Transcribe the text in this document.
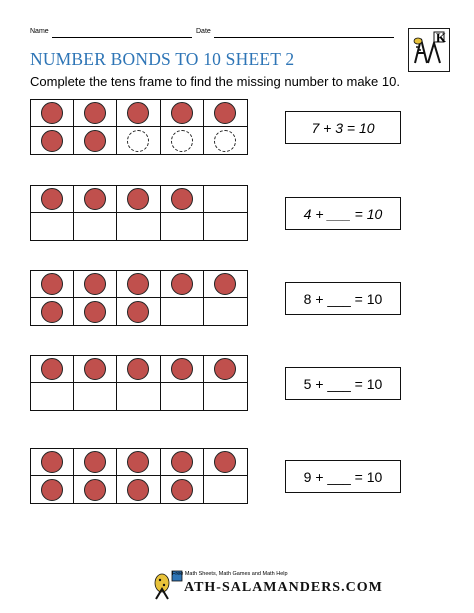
Name	Date	K
NUMBER BONDS TO 10 SHEET 2
Complete the tens frame to find the missing number to make 10.
7 + 3 = 10
4 + ___ = 10
8 + ___ = 10
5 + ___ = 10
9 + ___ = 10
Free Math Sheets, Math Games and Math Help
ATH-SALAMANDERS.COM
